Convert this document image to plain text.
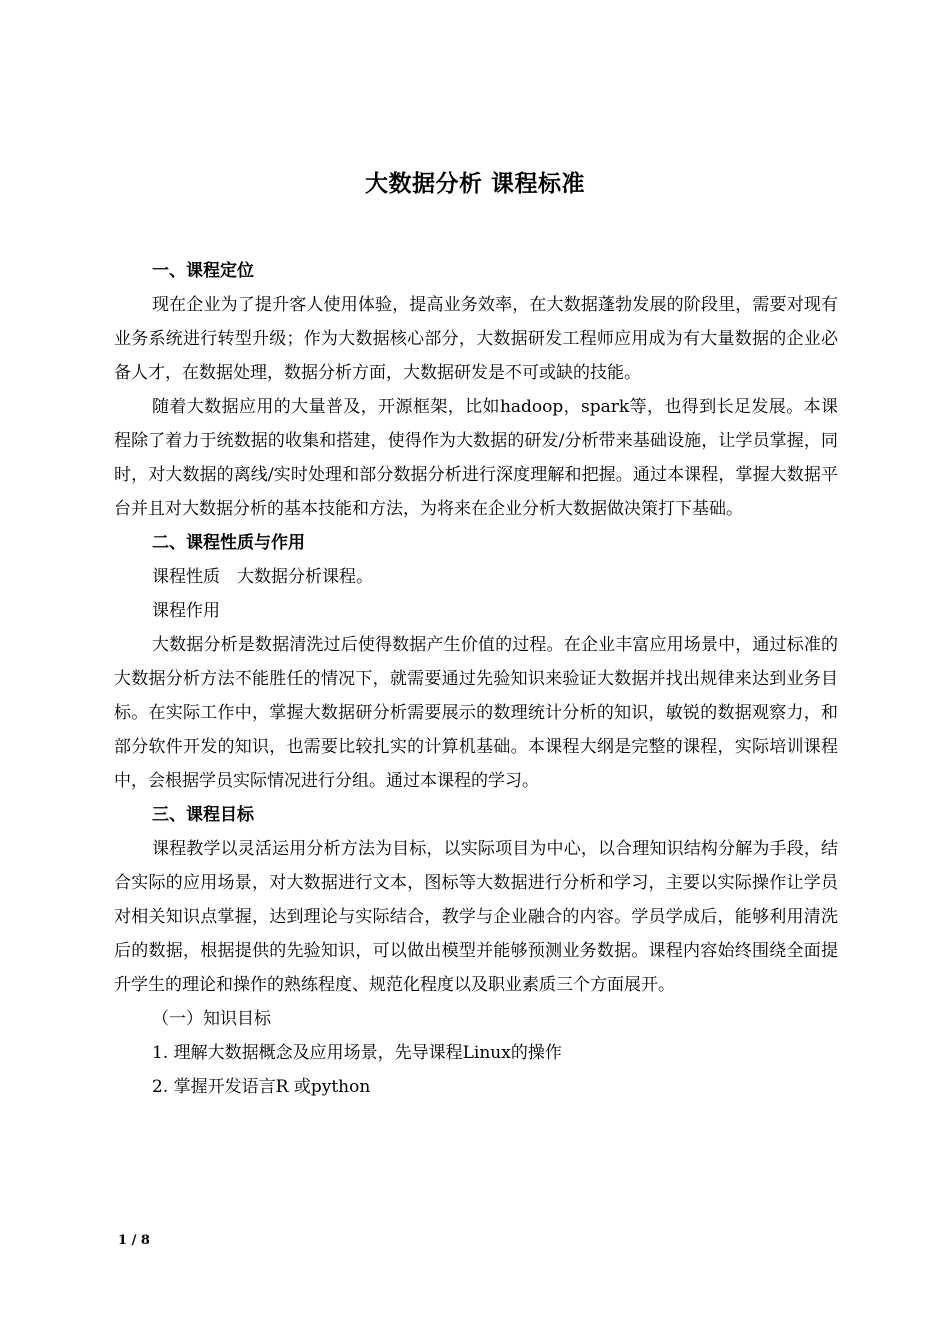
大数据分析 课程标准
一、课程定位

现在企业为了提升客人使用体验，提高业务效率，在大数据蓬勃发展的阶段里，需要对现有业务系统进行转型升级；作为大数据核心部分，大数据研发工程师应用成为有大量数据的企业必备人才，在数据处理，数据分析方面，大数据研发是不可或缺的技能。

随着大数据应用的大量普及，开源框架，比如hadoop，spark等，也得到长足发展。本课程除了着力于统数据的收集和搭建，使得作为大数据的研发/分析带来基础设施，让学员掌握，同时，对大数据的离线/实时处理和部分数据分析进行深度理解和把握。通过本课程，掌握大数据平台并且对大数据分析的基本技能和方法，为将来在企业分析大数据做决策打下基础。

二、课程性质与作用
课程性质　大数据分析课程。
课程作用

大数据分析是数据清洗过后使得数据产生价值的过程。在企业丰富应用场景中，通过标准的大数据分析方法不能胜任的情况下，就需要通过先验知识来验证大数据并找出规律来达到业务目标。在实际工作中，掌握大数据研分析需要展示的数理统计分析的知识，敏锐的数据观察力，和部分软件开发的知识，也需要比较扎实的计算机基础。本课程大纲是完整的课程，实际培训课程中，会根据学员实际情况进行分组。通过本课程的学习。

三、课程目标

课程教学以灵活运用分析方法为目标，以实际项目为中心，以合理知识结构分解为手段，结合实际的应用场景，对大数据进行文本，图标等大数据进行分析和学习，主要以实际操作让学员对相关知识点掌握，达到理论与实际结合，教学与企业融合的内容。学员学成后，能够利用清洗后的数据，根据提供的先验知识，可以做出模型并能够预测业务数据。课程内容始终围绕全面提升学生的理论和操作的熟练程度、规范化程度以及职业素质三个方面展开。

（一）知识目标
1. 理解大数据概念及应用场景，先导课程Linux的操作
2. 掌握开发语言R 或python
1 / 8
